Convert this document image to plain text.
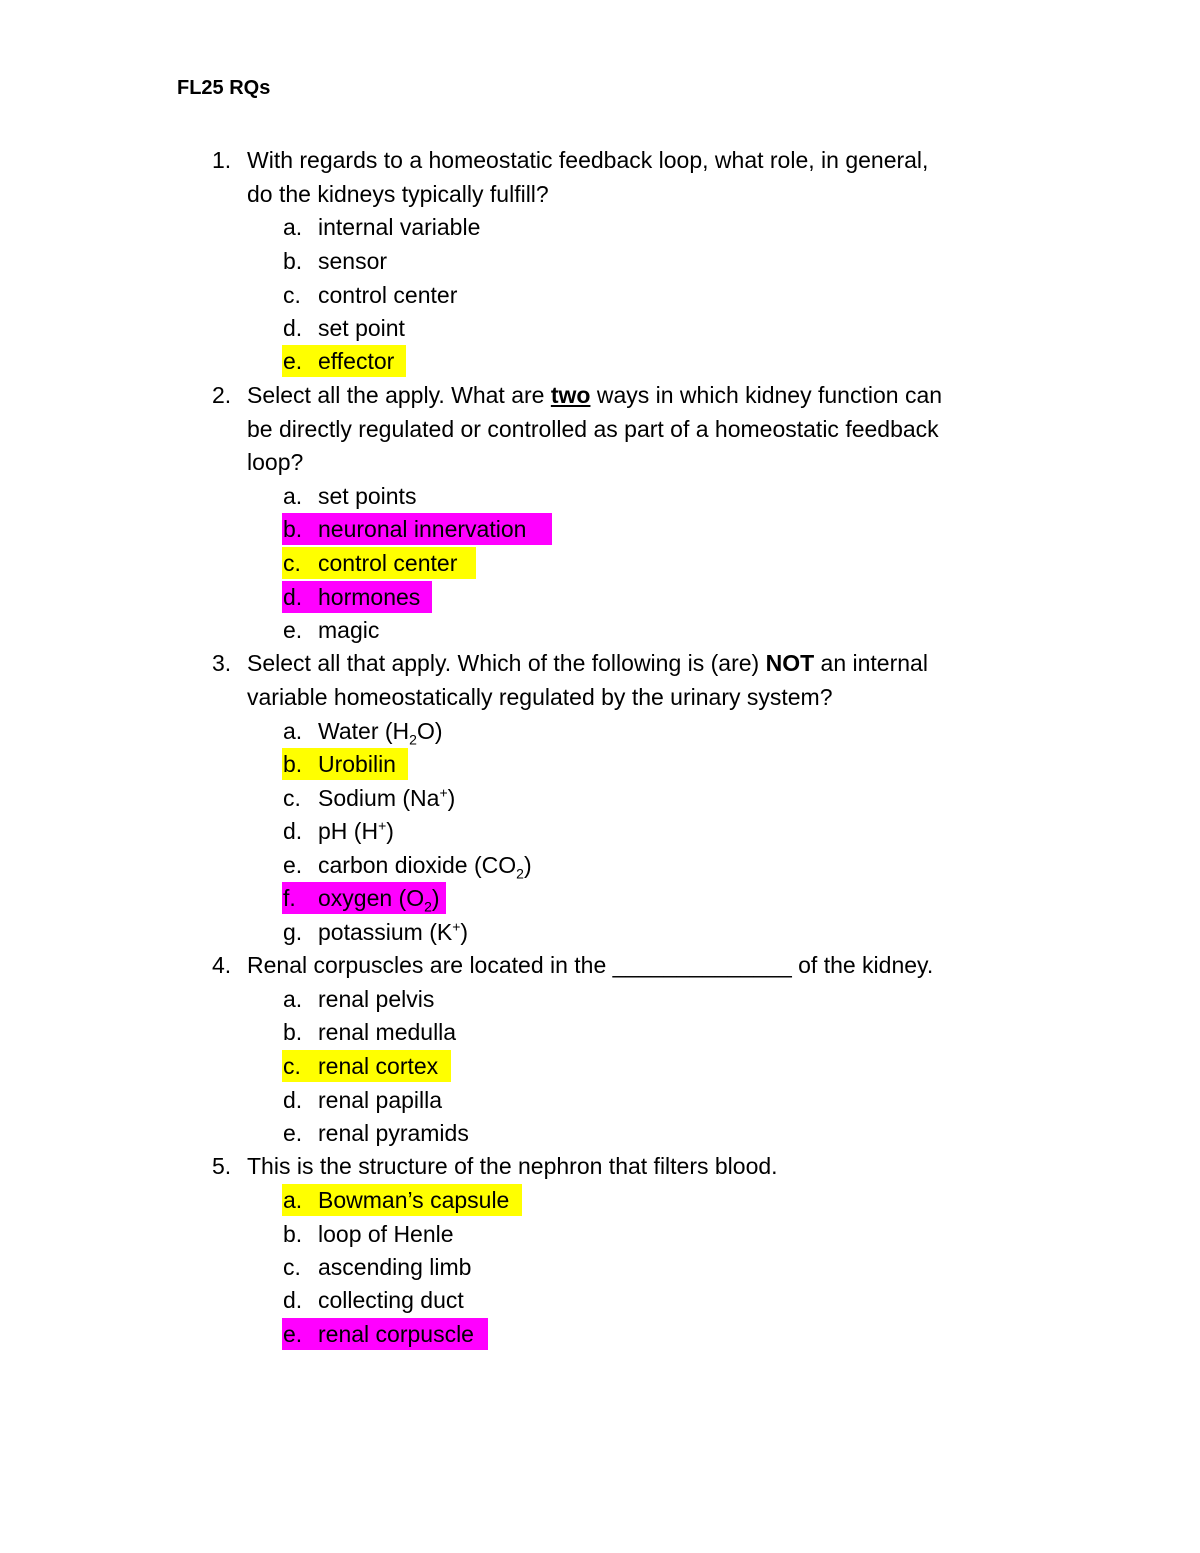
FL25 RQs
1. With regards to a homeostatic feedback loop, what role, in general,
do the kidneys typically fulfill?
a. internal variable
b. sensor
c. control center
d. set point
e. effector
2. Select all the apply. What are two ways in which kidney function can
be directly regulated or controlled as part of a homeostatic feedback
loop?
a. set points
b. neuronal innervation
c. control center
d. hormones
e. magic
3. Select all that apply. Which of the following is (are) NOT an internal
variable homeostatically regulated by the urinary system?
a. Water $(H_2O)$
b. Urobilin
c. Sodium (Na+)
d. pH (H+)
e. carbon dioxide $(CO_2)$
f. oxygen $(O_2)$
g. potassium (K+)
4. Renal corpuscles are located in the ______________ of the kidney.
a. renal pelvis
b. renal medulla
c. renal cortex
d. renal papilla
e. renal pyramids
5. This is the structure of the nephron that filters blood.
a. Bowman’s capsule
b. loop of Henle
c. ascending limb
d. collecting duct
e. renal corpuscle
